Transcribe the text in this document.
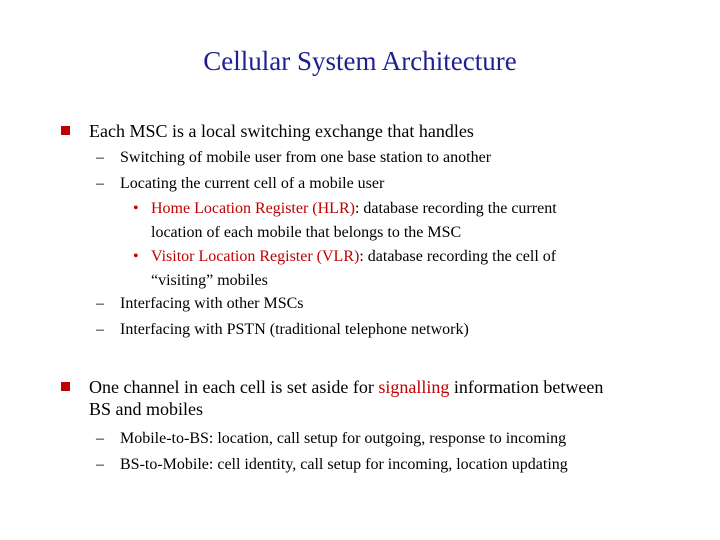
Cellular System Architecture
Each MSC is a local switching exchange that handles
– Switching of mobile user from one base station to another
– Locating the current cell of a mobile user
• Home Location Register (HLR): database recording the current
location of each mobile that belongs to the MSC
• Visitor Location Register (VLR): database recording the cell of
“visiting” mobiles
– Interfacing with other MSCs
– Interfacing with PSTN (traditional telephone network)
One channel in each cell is set aside for signalling information between
BS and mobiles
– Mobile-to-BS: location, call setup for outgoing, response to incoming
– BS-to-Mobile: cell identity, call setup for incoming, location updating
